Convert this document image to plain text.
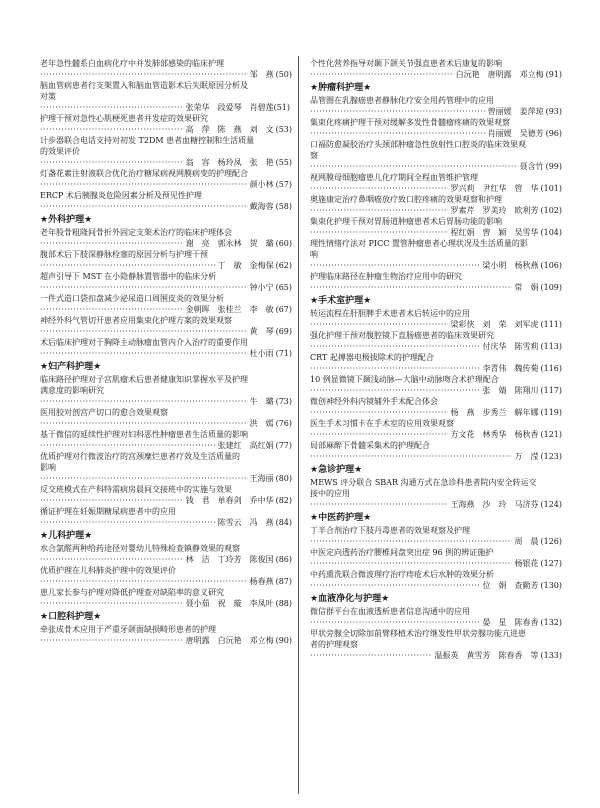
老年急性髓系白血病化疗中并发肺部感染的临床护理
·····
邹　燕 (50)
脑血管病患者行支架置入和脑血管造影术后失眠原因分析及
对策
·····
张荣华　段爱琴　肖碧莲(51)
护理干预对急性心肌梗死患者并发症的效果研究
·····
高　萍　陈　燕　刘　文 (53)
计步器联合电话支持对初发 T2DM 患者血糖控制和生活质量
的效果评价
·····
翁　容　杨玲凤　张　艳 (55)
灯盏花素注射液联合优化治疗糖尿病视网膜病变的护理配合
·····
颜小林 (57)
ERCP 术后胰腺炎危险因素分析及预见性护理
·····
戴海蓉 (58)
★外科护理★
老年股骨粗隆间骨折外固定支架术治疗的临床护理体会
·····
谢　亮　郭永林　贺　璐 (60)
腹部术后下肢深静脉栓塞的原因分析与护理干预
·····
丁　敏　金梅保 (62)
超声引导下 MST 在小隐静脉置管器中的临床分析
·····
钟小宁 (65)
一件式造口袋扣盘减少泌尿造口周围皮炎的效果分析
·····
金朝晖　张桂兰　李　敏 (67)
神经外科气管切开患者应用集束化护理方案的效果观察
·····
黄　琴 (69)
术后临床护理对于胸降主动脉瘤血管内介入治疗的重要作用
·····
杜小雨 (71)
★妇产科护理★
临床路径护理对子宫肌瘤术后患者健康知识掌握水平及护理
满意度的影响研究
·····
牛　璐 (73)
医用胶对剖宫产切口的愈合效果观察
·····
洪　嫣 (76)
基于微信的延续性护理对妇科恶性肿瘤患者生活质量的影响
·····
张建红　高红娟 (77)
优质护理对行微波治疗的宫颈糜烂患者疗效及生活质量的
影响
·····
王海丽 (80)
反交班模式在产科特需病房晨间交接班中的实施与效果
·····
钱　君　单春剑　乔中华 (82)
循证护理在妊娠期糖尿病患者中的应用
·····
陈雪云　冯　燕 (84)
★儿科护理★
水合氯醛两种给药途径对婴幼儿特殊检查镇静效果的观察
·····
林　洁　丁玲芳　陈俊国 (86)
优质护理在儿科肺炎护理中的效果评价
·····
杨春燕 (87)
患儿家长参与护理对降低护理查对缺陷率的意义研究
·····
聂小茹　祝　璇　李凤叶 (88)
★口腔科护理★
牵张成骨术应用于严重牙颌面缺损畸形患者的护理
·····
唐明露　白沅艳　邓立梅 (90)
个性化营养指导对颞下颌关节强直患者术后康复的影响
·····
白沅艳　唐明露　邓立梅 (91)
★肿瘤科护理★
品管圈在乳腺癌患者静脉化疗安全用药管理中的应用
·····
曾丽媛　姜萍琼 (93)
集束化疼痛护理干预对缓解多发性骨髓瘤疼痛的效果观察
·····
肖丽媛　吴德芳 (96)
口福防愈凝胶治疗头颈部肿瘤急性放射性口腔炎的临床效果观
察
·····
聂含竹 (99)
视网膜母细胞瘤患儿化疗期间全程血管维护管理
·····
罗兴莉　尹红华　管　华 (101)
奥施康定治疗鼻咽癌放疗致口腔疼痛的效果观察和护理
·····
罗素芹　罗美玲　欧利芳 (102)
集束化护理干预对胃肠道肿瘤患者术后胃肠功能的影响
·····
程红娟　曾　颖　吴雪华 (104)
理性情绪疗法对 PICC 置管肿瘤患者心理状况及生活质量的影
响
·····
梁小明　杨秋燕 (106)
护理临床路径在肿瘤生物治疗应用中的研究
·····
常　娟 (109)
★手术室护理★
转运流程在肝胆脾手术患者术后转运中的应用
·····
梁彩侠　刘　荣　刘军虎 (111)
强化护理干预对腹腔镜下直肠癌患者的临床效果研究
·····
付庆华　陈雪莉 (113)
CRT 起搏器电极拔除术的护理配合
·····
李青伟　魏传菊 (116)
10 例显微镜下颞浅动脉—大脑中动脉吻合术护理配合
·····
张　婧　陈翔川 (117)
微创神经外科内镜辅外手术配合体会
·····
杨　燕　步秀兰　解年娜 (119)
医生手术习惯卡在手术室的应用效果观察
·····
方文花　林秀华　杨秋香 (121)
局部麻醉下骨髓采集术的护理配合
·····
万　滢 (123)
★急诊护理★
MEWS 评分联合 SBAR 沟通方式在急诊科患者院内安全转运交
接中的应用
·····
王海燕　沙　玲　马济芬 (124)
★中医药护理★
丁半合剂治疗下肢丹毒患者的效果观察及护理
·····
周　晨 (126)
中医定向透药治疗腰椎间盘突出症 96 例的辨证施护
·····
杨银花 (127)
中药熏洗联合微波理疗治疗痔疮术后水肿的效果分析
·····
位　娟　查勤芳 (130)
★血液净化与护理★
微信群平台在血液透析患者信息沟通中的应用
·····
晏　星　陈春香 (132)
甲状旁腺全切除加前臂移植术治疗继发性甲状旁腺功能亢进患
者的护理观察
·····
温振英　黄雪芳　陈春香　等 (133)
